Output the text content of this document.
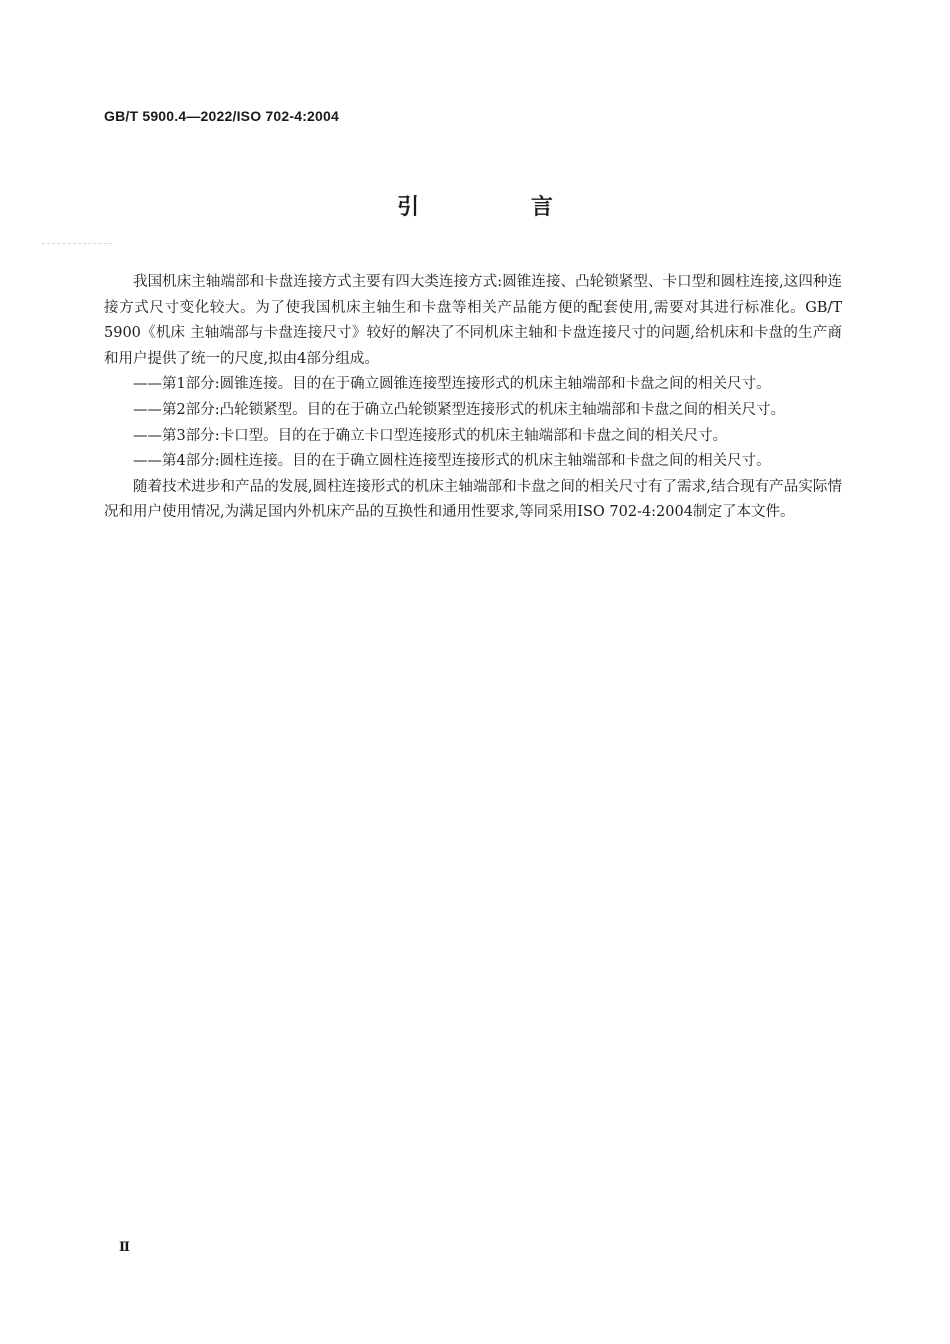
GB/T 5900.4—2022/ISO 702-4:2004
引 言

我国机床主轴端部和卡盘连接方式主要有四大类连接方式:圆锥连接、凸轮锁紧型、卡口型和圆柱连接,这四种连接方式尺寸变化较大。为了使我国机床主轴生和卡盘等相关产品能方便的配套使用,需要对其进行标准化。GB/T 5900《机床 主轴端部与卡盘连接尺寸》较好的解决了不同机床主轴和卡盘连接尺寸的问题,给机床和卡盘的生产商和用户提供了统一的尺度,拟由4部分组成。

——第1部分:圆锥连接。目的在于确立圆锥连接型连接形式的机床主轴端部和卡盘之间的相关尺寸。

——第2部分:凸轮锁紧型。目的在于确立凸轮锁紧型连接形式的机床主轴端部和卡盘之间的相关尺寸。

——第3部分:卡口型。目的在于确立卡口型连接形式的机床主轴端部和卡盘之间的相关尺寸。

——第4部分:圆柱连接。目的在于确立圆柱连接型连接形式的机床主轴端部和卡盘之间的相关尺寸。

随着技术进步和产品的发展,圆柱连接形式的机床主轴端部和卡盘之间的相关尺寸有了需求,结合现有产品实际情况和用户使用情况,为满足国内外机床产品的互换性和通用性要求,等同采用ISO 702-4:2004制定了本文件。

Ⅱ
